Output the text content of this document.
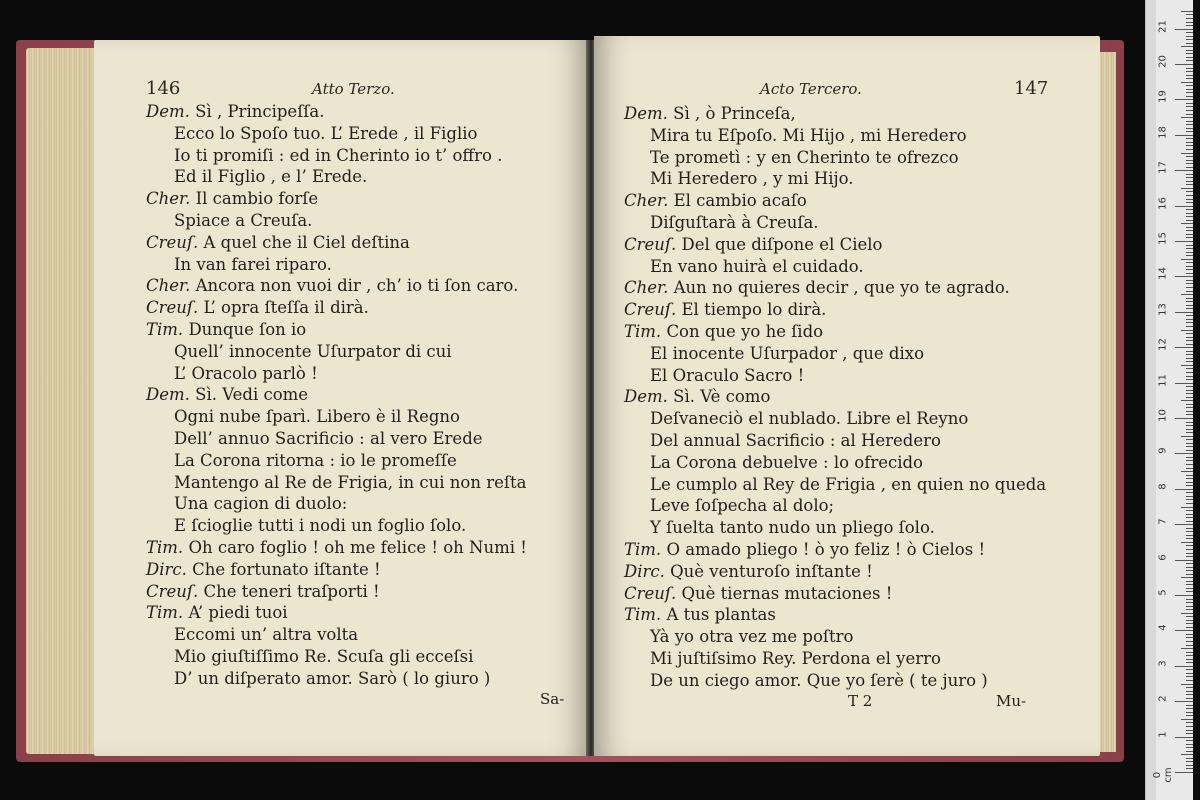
146	Atto Terzo.
Dem. Sì , Principeſſa.
Ecco lo Spoſo tuo. L’ Erede , il Figlio
Io ti promiſi : ed in Cherinto io t’ offro .
Ed il Figlio , e l’ Erede.
Cher. Il cambio forſe
Spiace a Creuſa.
Creuſ. A quel che il Ciel deſtina
In van farei riparo.
Cher. Ancora non vuoi dir , ch’ io ti ſon caro.
Creuſ. L’ opra ſteſſa il dirà.
Tim. Dunque ſon io
Quell’ innocente Uſurpator di cui
L’ Oracolo parlò !
Dem. Sì. Vedi come
Ogni nube ſparì. Libero è il Regno
Dell’ annuo Sacrificio : al vero Erede
La Corona ritorna : io le promeſſe
Mantengo al Re de Frigia, in cui non reſta
Una cagion di duolo:
E ſcioglie tutti i nodi un foglio ſolo.
Tim. Oh caro foglio ! oh me felice ! oh Numi !
Dirc. Che fortunato iſtante !
Creuſ. Che teneri traſporti !
Tim. A’ piedi tuoi
Eccomi un’ altra volta
Mio giuſtiſſimo Re. Scuſa gli ecceſsi
D’ un diſperato amor. Sarò ( lo giuro )
Sa-
Acto Tercero.	147
Dem. Sì , ò Princeſa,
Mira tu Eſpoſo. Mi Hijo , mi Heredero
Te prometì : y en Cherinto te ofrezco
Mi Heredero , y mi Hijo.
Cher. El cambio acaſo
Diſguſtarà à Creuſa.
Creuſ. Del que diſpone el Cielo
En vano huirà el cuidado.
Cher. Aun no quieres decir , que yo te agrado.
Creuſ. El tiempo lo dirà.
Tim. Con que yo he ſido
El inocente Uſurpador , que dixo
El Oraculo Sacro !
Dem. Sì. Vè como
Deſvaneciò el nublado. Libre el Reyno
Del annual Sacrificio : al Heredero
La Corona debuelve : lo ofrecido
Le cumplo al Rey de Frigia , en quien no queda
Leve ſoſpecha al dolo;
Y ſuelta tanto nudo un pliego ſolo.
Tim. O amado pliego ! ò yo feliz ! ò Cielos !
Dirc. Què venturoſo inſtante !
Creuſ. Què tiernas mutaciones !
Tim. A tus plantas
Yà yo otra vez me poſtro
Mi juſtiſsimo Rey. Perdona el yerro
De un ciego amor. Que yo ſerè ( te juro )
T 2	Mu-
0 cm
1
2
3
4
5
6
7
8
9
10
11
12
13
14
15
16
17
18
19
20
21
